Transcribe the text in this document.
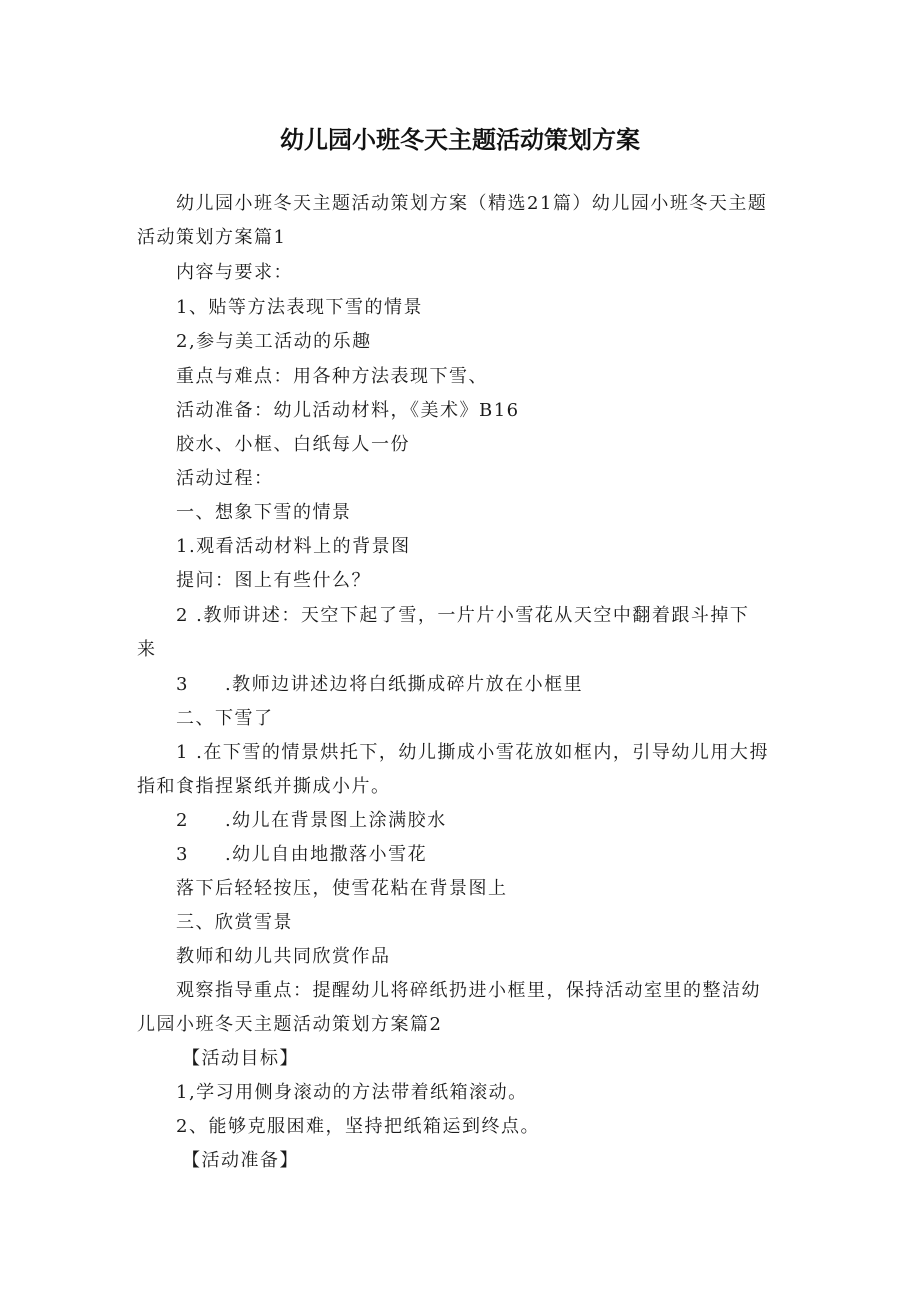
幼儿园小班冬天主题活动策划方案
幼儿园小班冬天主题活动策划方案（精选21篇）幼儿园小班冬天主题
活动策划方案篇1
内容与要求：
1、贴等方法表现下雪的情景
2,参与美工活动的乐趣
重点与难点：用各种方法表现下雪、
活动准备：幼儿活动材料，《美术》B16
胶水、小框、白纸每人一份
活动过程：
一、想象下雪的情景
1.观看活动材料上的背景图
提问：图上有些什么？
2 .教师讲述：天空下起了雪，一片片小雪花从天空中翻着跟斗掉下
来
3 .教师边讲述边将白纸撕成碎片放在小框里
二、下雪了
1 .在下雪的情景烘托下，幼儿撕成小雪花放如框内，引导幼儿用大拇
指和食指捏紧纸并撕成小片。
2 .幼儿在背景图上涂满胶水
3 .幼儿自由地撒落小雪花
落下后轻轻按压，使雪花粘在背景图上
三、欣赏雪景
教师和幼儿共同欣赏作品
观察指导重点：提醒幼儿将碎纸扔进小框里，保持活动室里的整洁幼
儿园小班冬天主题活动策划方案篇2
【活动目标】
1,学习用侧身滚动的方法带着纸箱滚动。
2、能够克服困难，坚持把纸箱运到终点。
【活动准备】
